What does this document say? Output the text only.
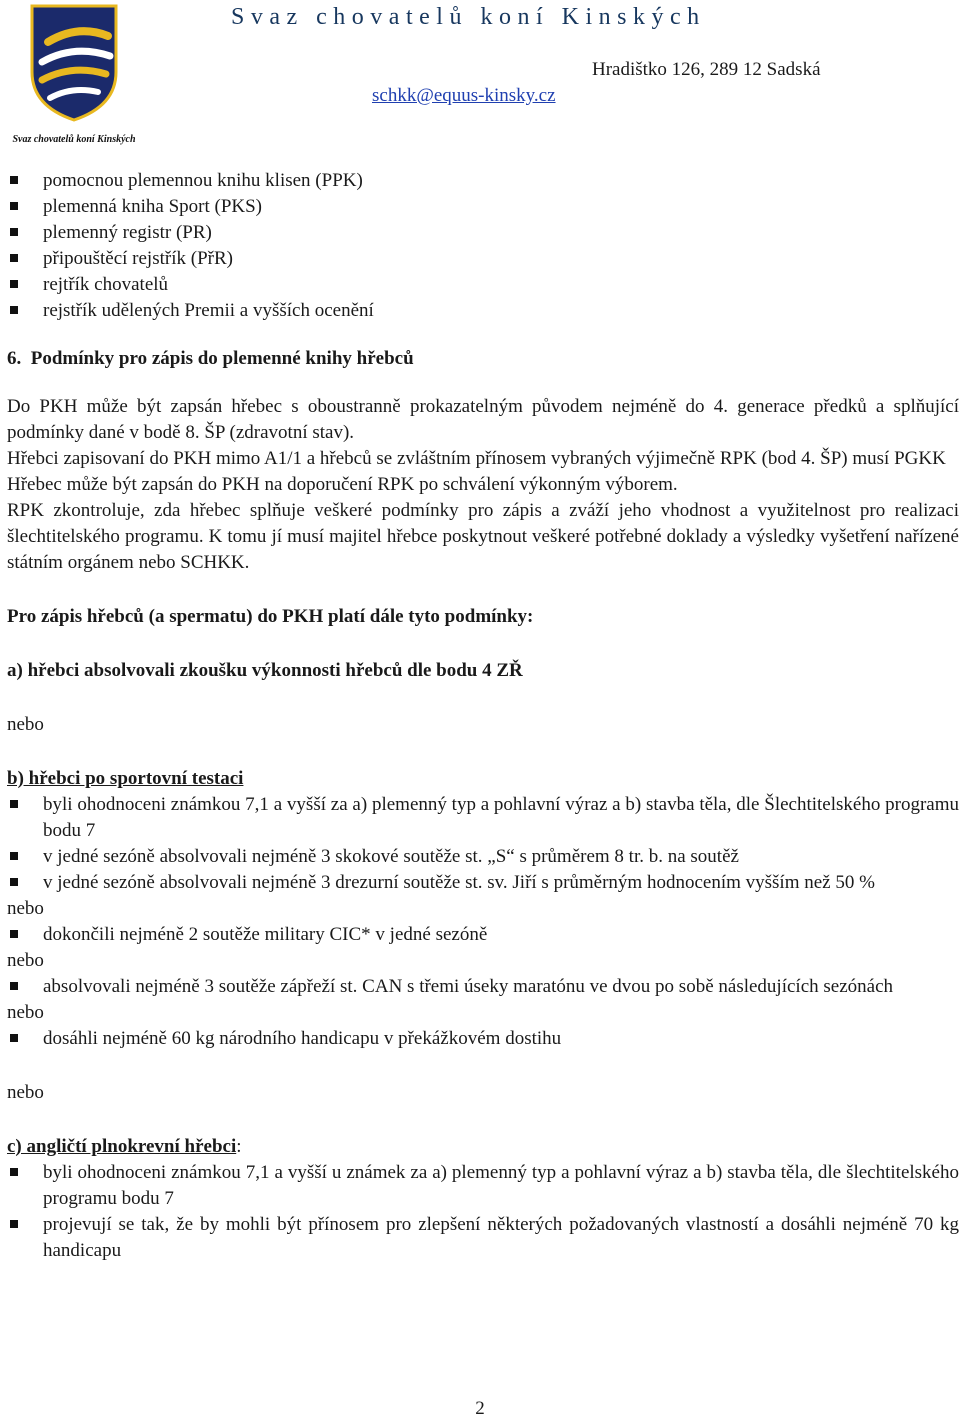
Svaz chovatelů koní Kinských
Svaz chovatelů koní Kinských
Hradištko 126, 289 12 Sadská
schkk@equus-kinsky.cz
pomocnou plemennou knihu klisen (PPK)
plemenná kniha Sport (PKS)
plemenný registr (PR)
připouštěcí rejstřík (PřR)
rejtřík chovatelů
rejstřík udělených Premii a vyšších ocenění

6.  Podmínky pro zápis do plemenné knihy hřebců

Do PKH může být zapsán hřebec s oboustranně prokazatelným původem nejméně do 4. generace předků a splňující podmínky dané v bodě 8. ŠP (zdravotní stav).

Hřebci zapisovaní do PKH mimo A1/1 a hřebců se zvláštním přínosem vybraných výjimečně RPK (bod 4. ŠP) musí PGKK

Hřebec může být zapsán do PKH na doporučení RPK po schválení výkonným výborem.

RPK zkontroluje, zda hřebec splňuje veškeré podmínky pro zápis a zváží jeho vhodnost a využitelnost pro realizaci šlechtitelského programu. K tomu jí musí majitel hřebce poskytnout veškeré potřebné doklady a výsledky vyšetření nařízené státním orgánem nebo SCHKK.

Pro zápis hřebců (a spermatu) do PKH platí dále tyto podmínky:

a) hřebci absolvovali zkoušku výkonnosti hřebců dle bodu 4 ZŘ

nebo

b) hřebci po sportovní testaci

byli ohodnoceni známkou 7,1 a vyšší za a) plemenný typ a pohlavní výraz a b) stavba těla, dle Šlechtitelského programu bodu 7
v jedné sezóně absolvovali nejméně 3 skokové soutěže st. „S“ s průměrem 8 tr. b. na soutěž
v jedné sezóně absolvovali nejméně 3 drezurní soutěže st. sv. Jiří s průměrným hodnocením vyšším než 50 %

nebo

dokončili nejméně 2 soutěže military CIC* v jedné sezóně

nebo

absolvovali nejméně 3 soutěže zápřeží st. CAN s třemi úseky maratónu ve dvou po sobě následujících sezónách

nebo

dosáhli nejméně 60 kg národního handicapu v překážkovém dostihu

nebo

c) angličtí plnokrevní hřebci:

byli ohodnoceni známkou 7,1 a vyšší u známek za a) plemenný typ a pohlavní výraz a b) stavba těla, dle šlechtitelského programu bodu 7
projevují se tak, že by mohli být přínosem pro zlepšení některých požadovaných vlastností a dosáhli nejméně 70 kg handicapu
2
